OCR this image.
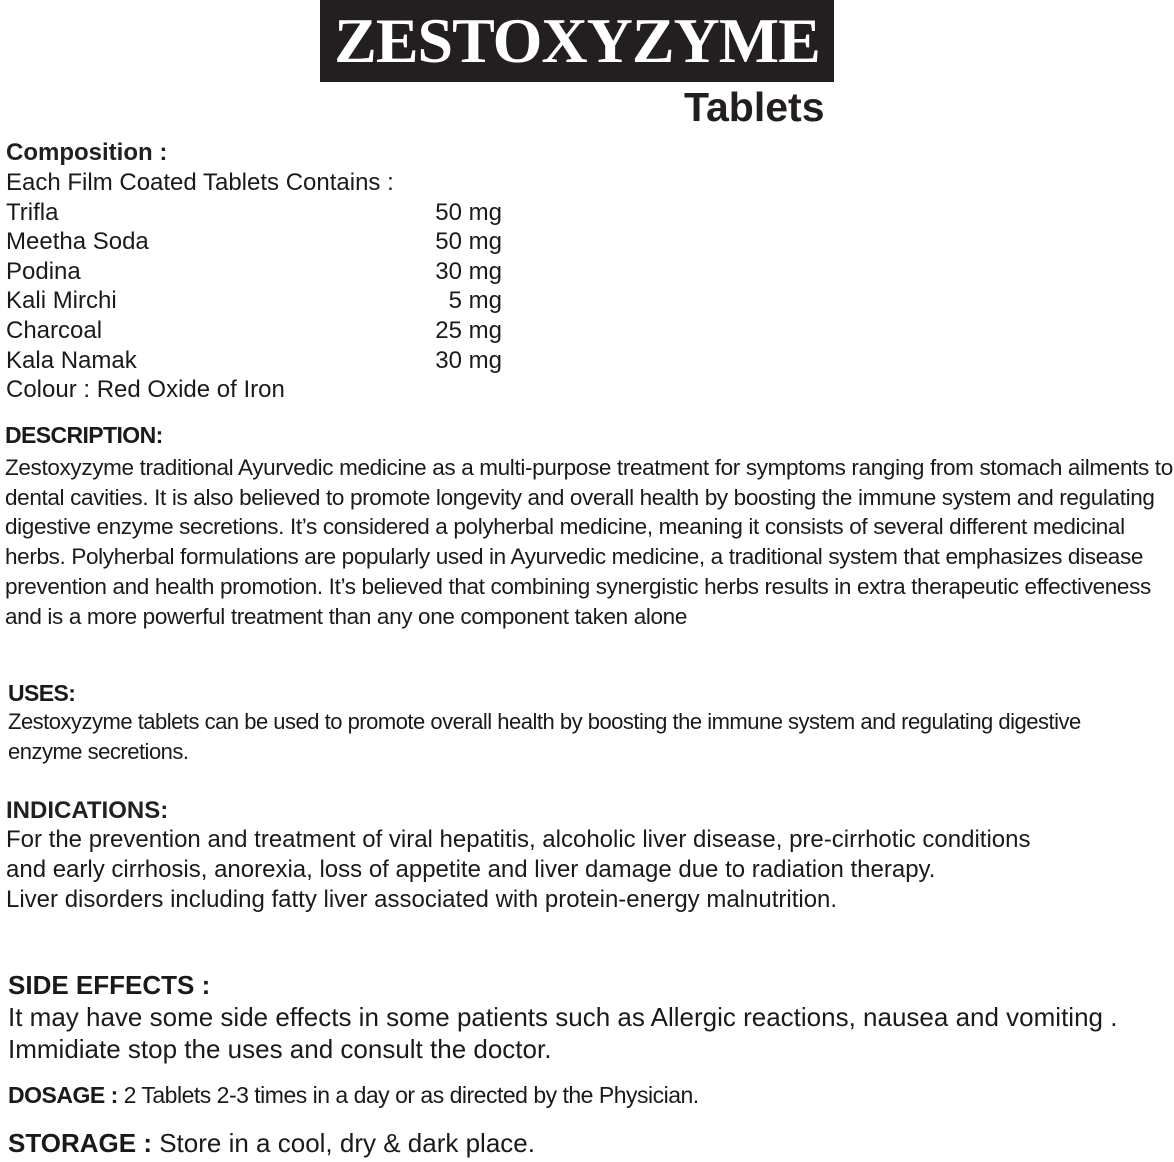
ZESTOXYZYME
Tablets
Composition :
Each Film Coated Tablets Contains :
Trifla	50 mg
Meetha Soda	50 mg
Podina	30 mg
Kali Mirchi	5 mg
Charcoal	25 mg
Kala Namak	30 mg
Colour : Red Oxide of Iron
DESCRIPTION:
Zestoxyzyme traditional Ayurvedic medicine as a multi-purpose treatment for symptoms ranging from stomach ailments to dental cavities. It is also believed to promote longevity and overall health by boosting the immune system and regulating digestive enzyme secretions. It’s considered a polyherbal medicine, meaning it consists of several different medicinal herbs. Polyherbal formulations are popularly used in Ayurvedic medicine, a traditional system that emphasizes disease prevention and health promotion. It’s believed that combining synergistic herbs results in extra therapeutic effectiveness and is a more powerful treatment than any one component taken alone
USES:
Zestoxyzyme tablets can be used to promote overall health by boosting the immune system and regulating digestive enzyme secretions.
INDICATIONS:
For the prevention and treatment of viral hepatitis, alcoholic liver disease, pre-cirrhotic conditions and early cirrhosis, anorexia, loss of appetite and liver damage due to radiation therapy.
Liver disorders including fatty liver associated with protein-energy malnutrition.
SIDE EFFECTS :
It may have some side effects in some patients such as Allergic reactions, nausea and vomiting . Immidiate stop the uses and consult the doctor.
DOSAGE : 2 Tablets 2-3 times in a day or as directed by the Physician.
STORAGE : Store in a cool, dry & dark place.
